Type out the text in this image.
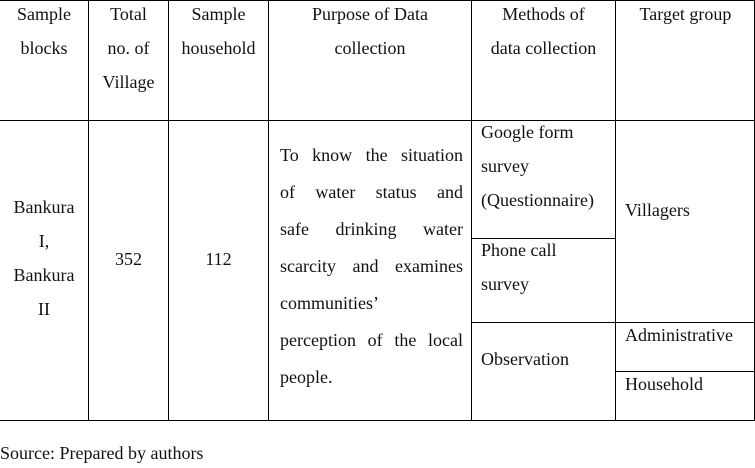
Sample
blocks
Total
no. of
Village
Sample
household
Purpose of Data
collection
Methods of
data collection
Target group
Bankura
I,
Bankura
II
352	112
To know the situation
of water status and
safe drinking water
scarcity and examines
communities’
perception of the local
people.
Google form
survey
(Questionnaire)
Phone call
survey
Observation
Villagers
Administrative
Household
Source: Prepared by authors
